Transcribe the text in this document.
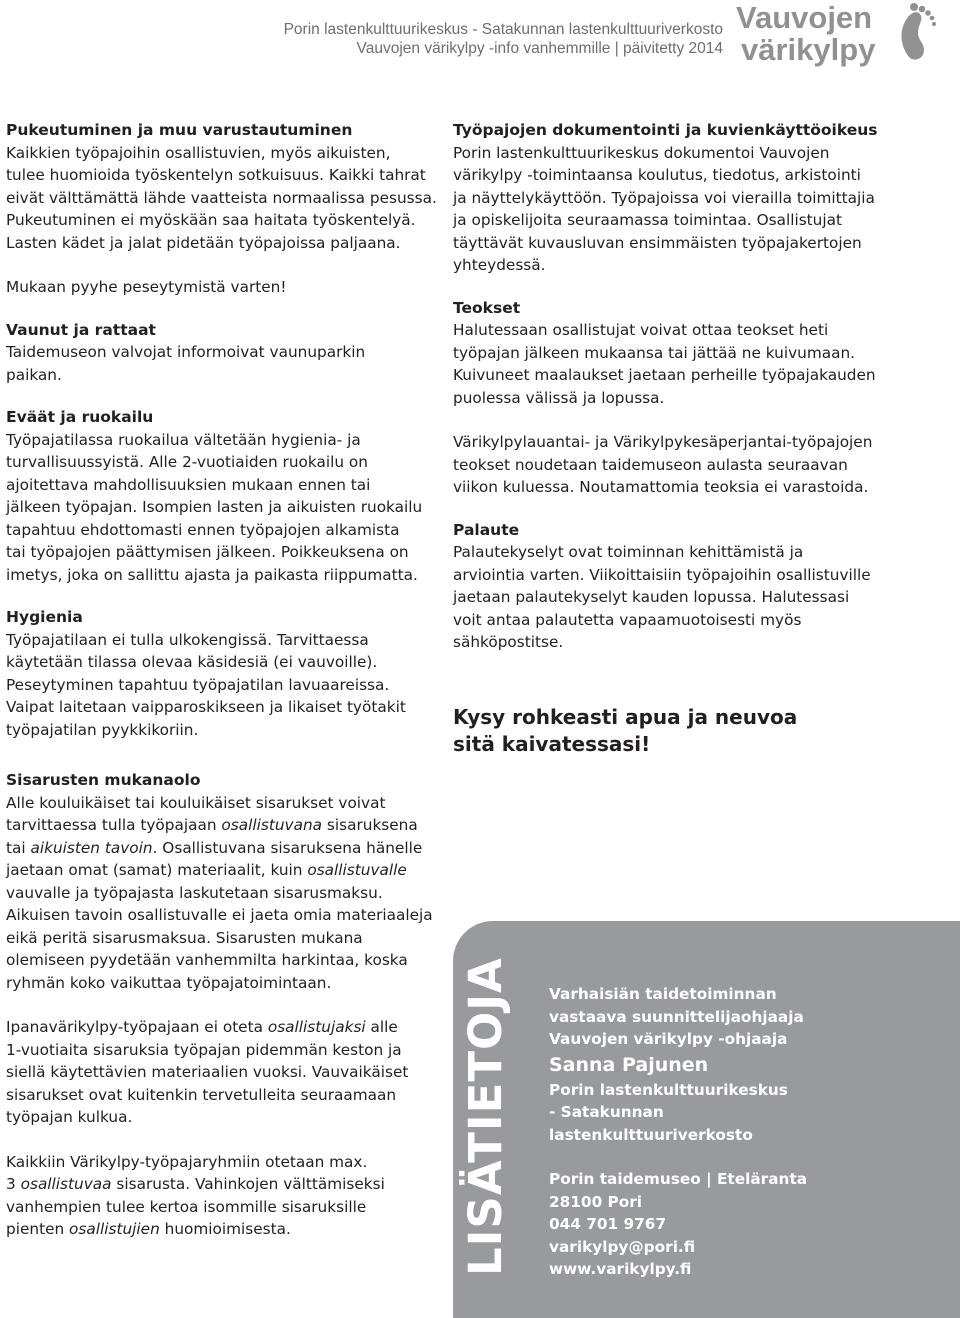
Porin lastenkulttuurikeskus - Satakunnan lastenkulttuuriverkosto
Vauvojen värikylpy -info vanhemmille | päivitetty 2014
Vauvojen
värikylpy
Pukeutuminen ja muu varustautuminen
Kaikkien työpajoihin osallistuvien, myös aikuisten,
tulee huomioida työskentelyn sotkuisuus. Kaikki tahrat
eivät välttämättä lähde vaatteista normaalissa pesussa.
Pukeutuminen ei myöskään saa haitata työskentelyä.
Lasten kädet ja jalat pidetään työpajoissa paljaana.
Mukaan pyyhe peseytymistä varten!
Vaunut ja rattaat
Taidemuseon valvojat informoivat vaunuparkin
paikan.
Eväät ja ruokailu
Työpajatilassa ruokailua vältetään hygienia- ja
turvallisuussyistä. Alle 2-vuotiaiden ruokailu on
ajoitettava mahdollisuuksien mukaan ennen tai
jälkeen työpajan. Isompien lasten ja aikuisten ruokailu
tapahtuu ehdottomasti ennen työpajojen alkamista
tai työpajojen päättymisen jälkeen. Poikkeuksena on
imetys, joka on sallittu ajasta ja paikasta riippumatta.
Hygienia
Työpajatilaan ei tulla ulkokengissä. Tarvittaessa
käytetään tilassa olevaa käsidesiä (ei vauvoille).
Peseytyminen tapahtuu työpajatilan lavuaareissa.
Vaipat laitetaan vaipparoskikseen ja likaiset työtakit
työpajatilan pyykkikoriin.
Sisarusten mukanaolo
Alle kouluikäiset tai kouluikäiset sisarukset voivat
tarvittaessa tulla työpajaan osallistuvana sisaruksena
tai aikuisten tavoin. Osallistuvana sisaruksena hänelle
jaetaan omat (samat) materiaalit, kuin osallistuvalle
vauvalle ja työpajasta laskutetaan sisarusmaksu.
Aikuisen tavoin osallistuvalle ei jaeta omia materiaaleja
eikä peritä sisarusmaksua. Sisarusten mukana
olemiseen pyydetään vanhemmilta harkintaa, koska
ryhmän koko vaikuttaa työpajatoimintaan.
Ipanavärikylpy-työpajaan ei oteta osallistujaksi alle
1-vuotiaita sisaruksia työpajan pidemmän keston ja
siellä käytettävien materiaalien vuoksi. Vauvaikäiset
sisarukset ovat kuitenkin tervetulleita seuraamaan
työpajan kulkua.
Kaikkiin Värikylpy-työpajaryhmiin otetaan max.
3 osallistuvaa sisarusta. Vahinkojen välttämiseksi
vanhempien tulee kertoa isommille sisaruksille
pienten osallistujien huomioimisesta.
Työpajojen dokumentointi ja kuvienkäyttöoikeus
Porin lastenkulttuurikeskus dokumentoi Vauvojen
värikylpy -toimintaansa koulutus, tiedotus, arkistointi
ja näyttelykäyttöön. Työpajoissa voi vierailla toimittajia
ja opiskelijoita seuraamassa toimintaa. Osallistujat
täyttävät kuvausluvan ensimmäisten työpajakertojen
yhteydessä.
Teokset
Halutessaan osallistujat voivat ottaa teokset heti
työpajan jälkeen mukaansa tai jättää ne kuivumaan.
Kuivuneet maalaukset jaetaan perheille työpajakauden
puolessa välissä ja lopussa.
Värikylpylauantai- ja Värikylpykesäperjantai-työpajojen
teokset noudetaan taidemuseon aulasta seuraavan
viikon kuluessa. Noutamattomia teoksia ei varastoida.
Palaute
Palautekyselyt ovat toiminnan kehittämistä ja
arviointia varten. Viikoittaisiin työpajoihin osallistuville
jaetaan palautekyselyt kauden lopussa. Halutessasi
voit antaa palautetta vapaamuotoisesti myös
sähköpostitse.
Kysy rohkeasti apua ja neuvoa
sitä kaivatessasi!
LISÄTIETOJA Varhaisiän taidetoiminnan
vastaava suunnittelijaohjaaja
Vauvojen värikylpy -ohjaaja
Sanna Pajunen
Porin lastenkulttuurikeskus
- Satakunnan
lastenkulttuuriverkosto
Porin taidemuseo | Eteläranta
28100 Pori
044 701 9767
varikylpy@pori.fi
www.varikylpy.fi
